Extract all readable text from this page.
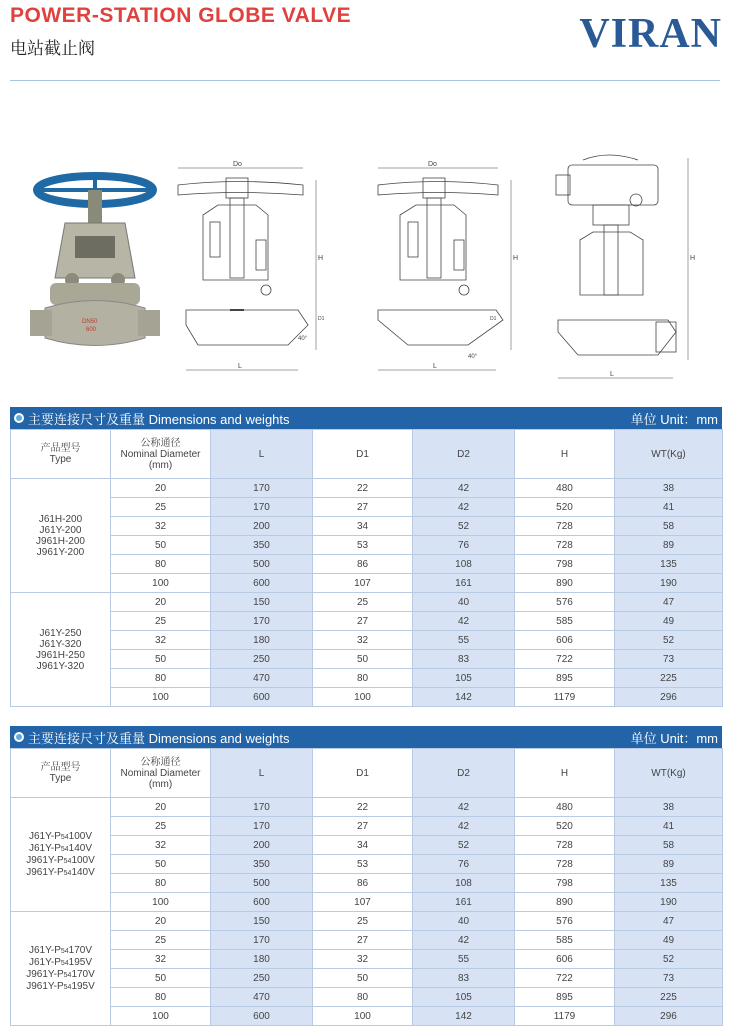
POWER-STATION GLOBE VALVE
电站截止阀	VIRAN
DN50
600
Do
H
L
40°
D1
Do
H
L
40°
D1
H
L
主要连接尺寸及重量 Dimensions and weights	单位 Unit：mm
产品型号
Type	公称通径
Nominal Diameter
(mm)	L	D1	D2	H	WT(Kg)

J61H-200
J61Y-200
J961H-200
J961Y-200	20	170	22	42	480	38
	25	170	27	42	520	41
	32	200	34	52	728	58
	50	350	53	76	728	89
	80	500	86	108	798	135
	100	600	107	161	890	190

J61Y-250
J61Y-320
J961H-250
J961Y-320	20	150	25	40	576	47
	25	170	27	42	585	49
	32	180	32	55	606	52
	50	250	50	83	722	73
	80	470	80	105	895	225
	100	600	100	142	1179	296
主要连接尺寸及重量 Dimensions and weights	单位 Unit：mm
产品型号
Type	公称通径
Nominal Diameter
(mm)	L	D1	D2	H	WT(Kg)

J61Y-P54100V
J61Y-P54140V
J961Y-P54100V
J961Y-P54140V	20	170	22	42	480	38
	25	170	27	42	520	41
	32	200	34	52	728	58
	50	350	53	76	728	89
	80	500	86	108	798	135
	100	600	107	161	890	190

J61Y-P54170V
J61Y-P54195V
J961Y-P54170V
J961Y-P54195V	20	150	25	40	576	47
	25	170	27	42	585	49
	32	180	32	55	606	52
	50	250	50	83	722	73
	80	470	80	105	895	225
	100	600	100	142	1179	296
